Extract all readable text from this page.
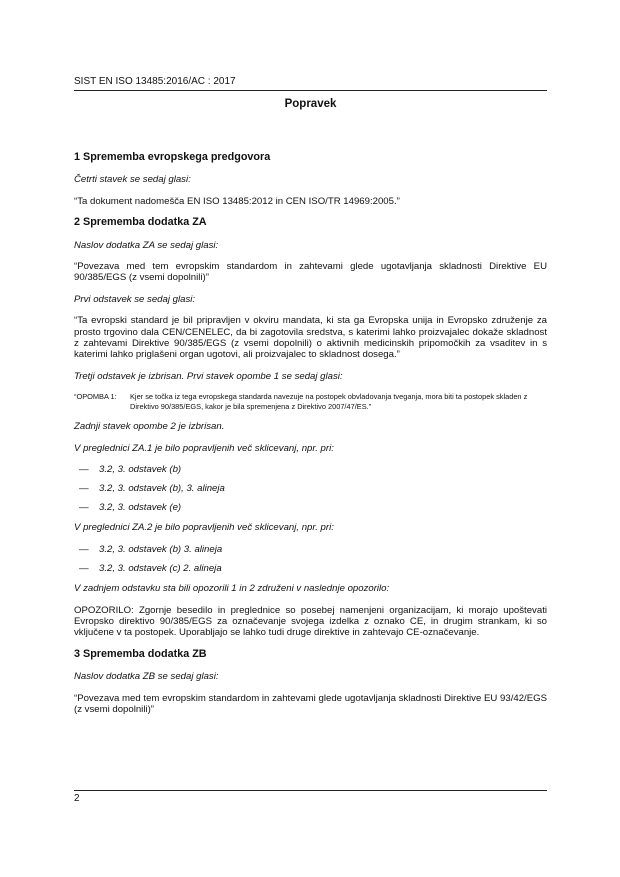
SIST EN ISO 13485:2016/AC : 2017
Popravek

1 Sprememba evropskega predgovora

Četrti stavek se sedaj glasi:

“Ta dokument nadomešča EN ISO 13485:2012 in CEN ISO/TR 14969:2005.”

2 Sprememba dodatka ZA

Naslov dodatka ZA se sedaj glasi:

“Povezava med tem evropskim standardom in zahtevami glede ugotavljanja skladnosti Direktive EU 90/385/EGS (z vsemi dopolnili)”

Prvi odstavek se sedaj glasi:

“Ta evropski standard je bil pripravljen v okviru mandata, ki sta ga Evropska unija in Evropsko združenje za prosto trgovino dala CEN/CENELEC, da bi zagotovila sredstva, s katerimi lahko proizvajalec dokaže skladnost z zahtevami Direktive 90/385/EGS (z vsemi dopolnili) o aktivnih medicinskih pripomočkih za vsaditev in s katerimi lahko priglašeni organ ugotovi, ali proizvajalec to skladnost dosega.”

Tretji odstavek je izbrisan. Prvi stavek opombe 1 se sedaj glasi:

“OPOMBA 1:	Kjer se točka iz tega evropskega standarda navezuje na postopek obvladovanja tveganja, mora biti ta postopek skladen z Direktivo 90/385/EGS, kakor je bila spremenjena z Direktivo 2007/47/ES.”

Zadnji stavek opombe 2 je izbrisan.

V preglednici ZA.1 je bilo popravljenih več sklicevanj, npr. pri:

—	3.2, 3. odstavek (b)
—	3.2, 3. odstavek (b), 3. alineja
—	3.2, 3. odstavek (e)

V preglednici ZA.2 je bilo popravljenih več sklicevanj, npr. pri:

—	3.2, 3. odstavek (b) 3. alineja
—	3.2, 3. odstavek (c) 2. alineja

V zadnjem odstavku sta bili opozorili 1 in 2 združeni v naslednje opozorilo:

OPOZORILO: Zgornje besedilo in preglednice so posebej namenjeni organizacijam, ki morajo upoštevati Evropsko direktivo 90/385/EGS za označevanje svojega izdelka z oznako CE, in drugim strankam, ki so vključene v ta postopek. Uporabljajo se lahko tudi druge direktive in zahtevajo CE-označevanje.

3 Sprememba dodatka ZB

Naslov dodatka ZB se sedaj glasi:

“Povezava med tem evropskim standardom in zahtevami glede ugotavljanja skladnosti Direktive EU 93/42/EGS (z vsemi dopolnili)”

2
